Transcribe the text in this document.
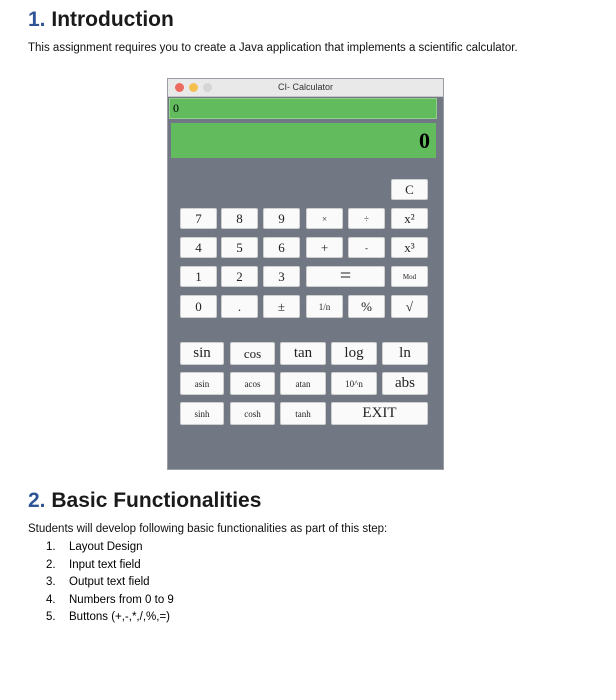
1. Introduction
This assignment requires you to create a Java application that implements a scientific calculator.
CI- Calculator
0
0
C
7	8	9	×	÷	x²
4	5	6	+	-	x³
1	2	3	=	Mod
0	.	±	1/n	%	√
sin	cos	tan	log	ln
asin	acos	atan	10^n	abs
sinh	cosh	tanh	EXIT
2. Basic Functionalities
Students will develop following basic functionalities as part of this step:
1. Layout Design
2. Input text field
3. Output text field
4. Numbers from 0 to 9
5. Buttons (+,-,*,/,%,=)
